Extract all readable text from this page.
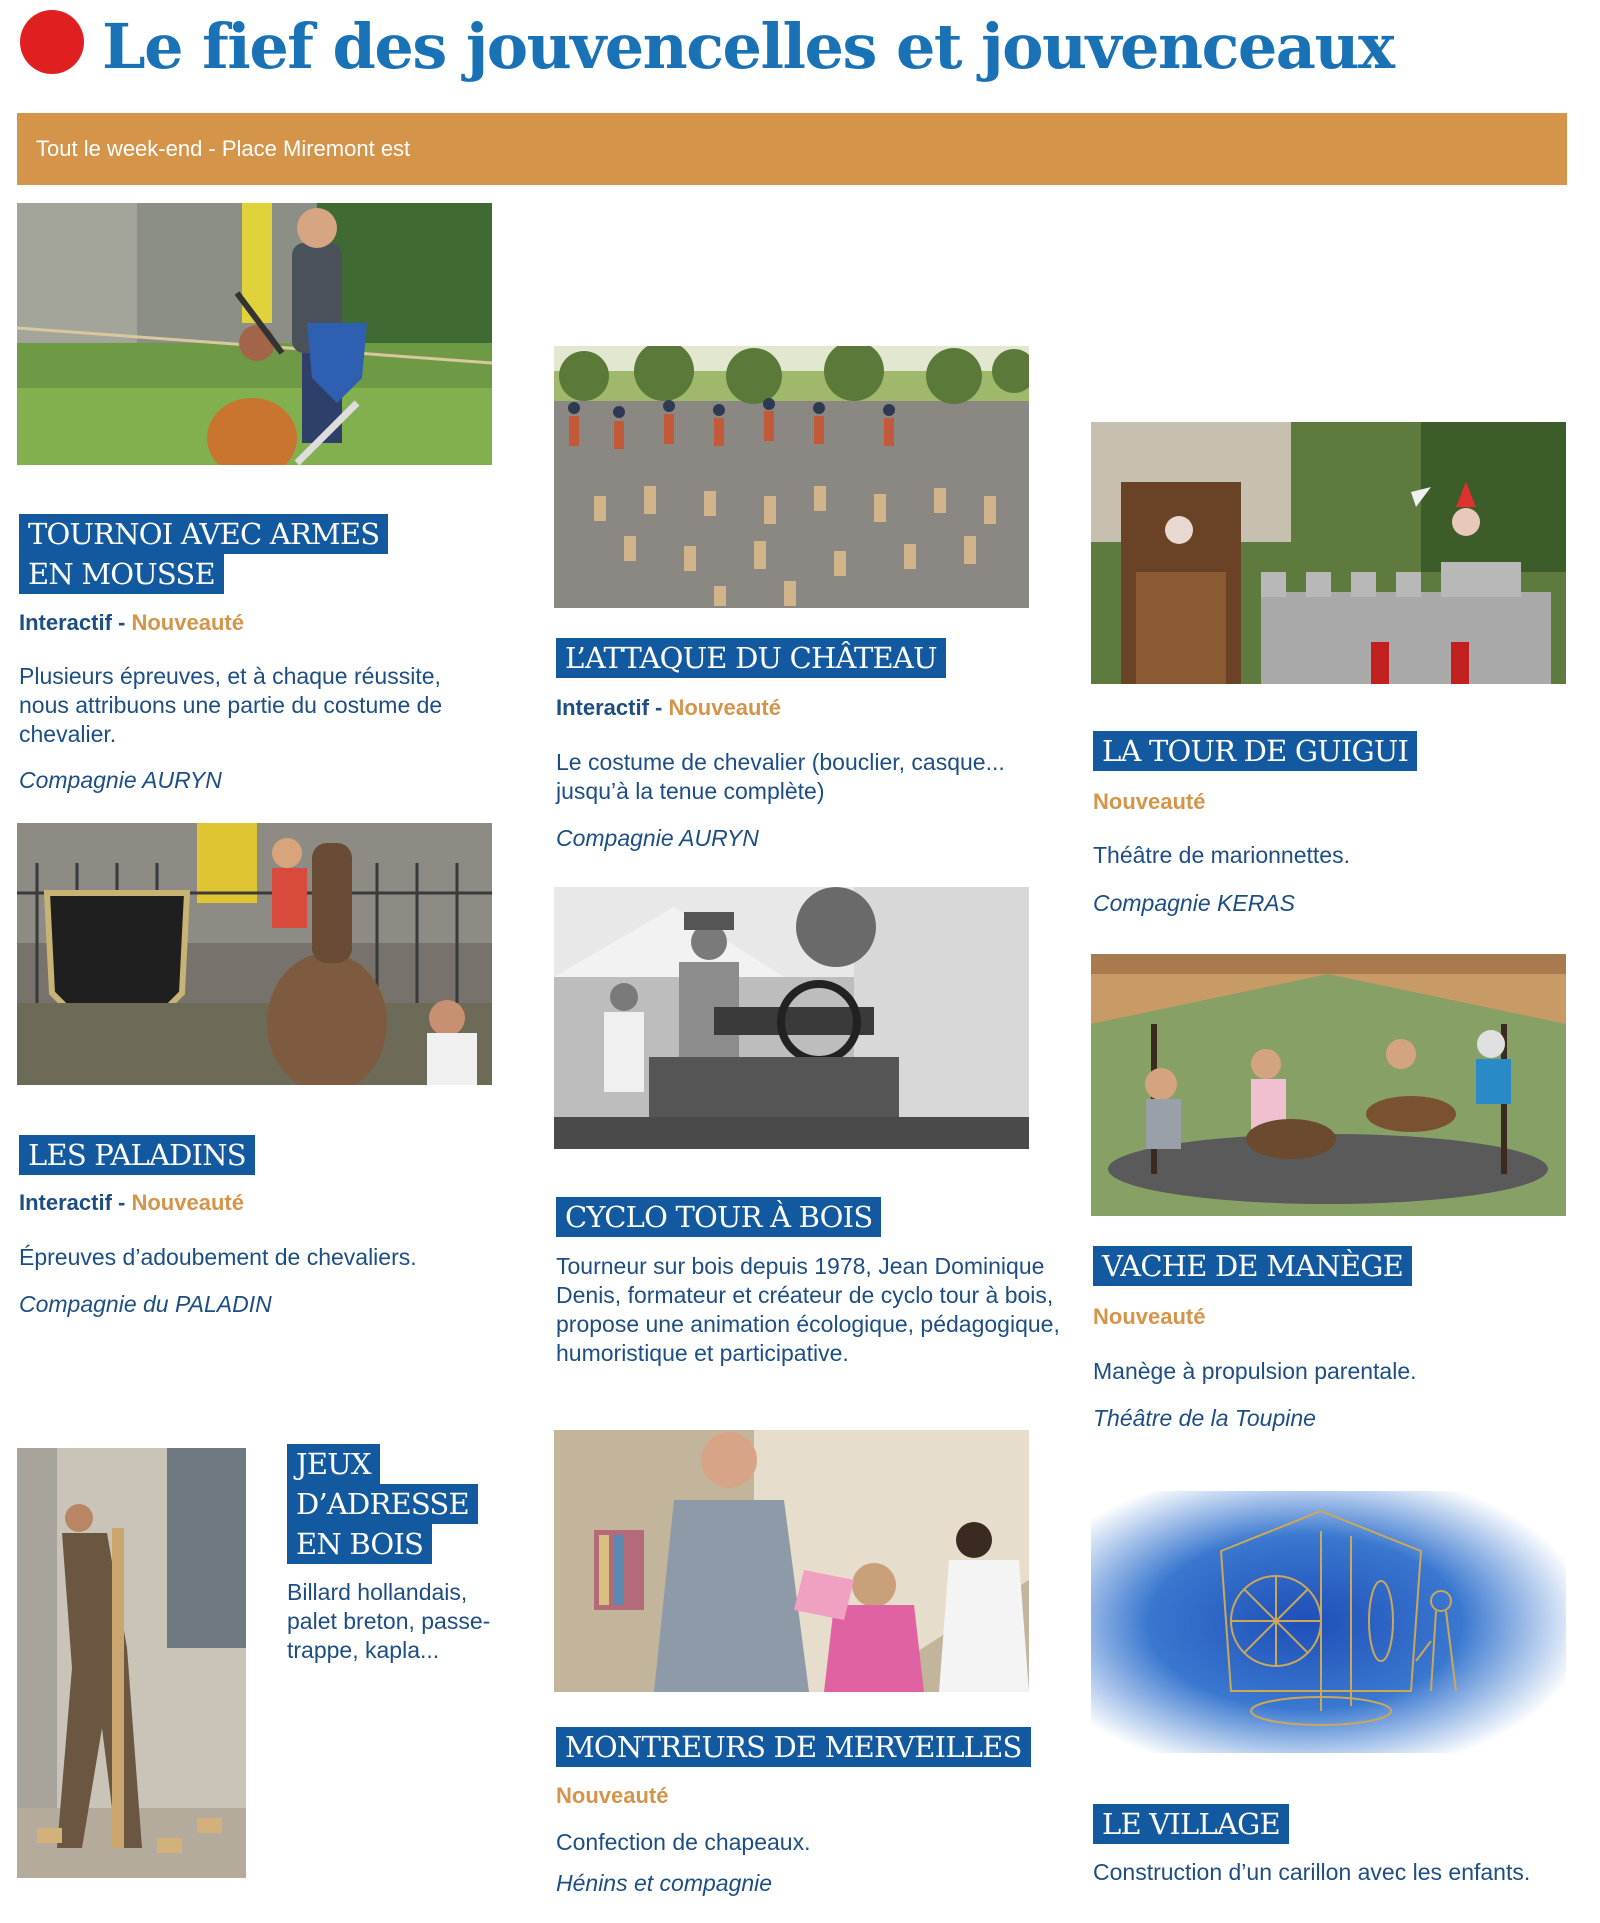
Le fief des jouvencelles et jouvenceaux
Tout le week-end - Place Miremont est
TOURNOI AVEC ARMES
EN MOUSSE
Interactif - Nouveauté
Plusieurs épreuves, et à chaque réussite, nous attribuons une partie du costume de chevalier.
Compagnie AURYN
LES PALADINS
Interactif - Nouveauté
Épreuves d’adoubement de chevaliers.
Compagnie du PALADIN
JEUX
D’ADRESSE
EN BOIS
Billard hollandais, palet breton, passe-trappe, kapla...
L’ATTAQUE DU CHÂTEAU
Interactif - Nouveauté
Le costume de chevalier (bouclier, casque... jusqu’à la tenue complète)
Compagnie AURYN
CYCLO TOUR À BOIS
Tourneur sur bois depuis 1978, Jean Dominique Denis, formateur et créateur de cyclo tour à bois, propose une animation écologique, pédagogique, humoristique et participative.
MONTREURS DE MERVEILLES
Nouveauté
Confection de chapeaux.
Hénins et compagnie
LA TOUR DE GUIGUI
Nouveauté
Théâtre de marionnettes.
Compagnie KERAS
VACHE DE MANÈGE
Nouveauté
Manège à propulsion parentale.
Théâtre de la Toupine
LE VILLAGE
Construction d’un carillon avec les enfants.
